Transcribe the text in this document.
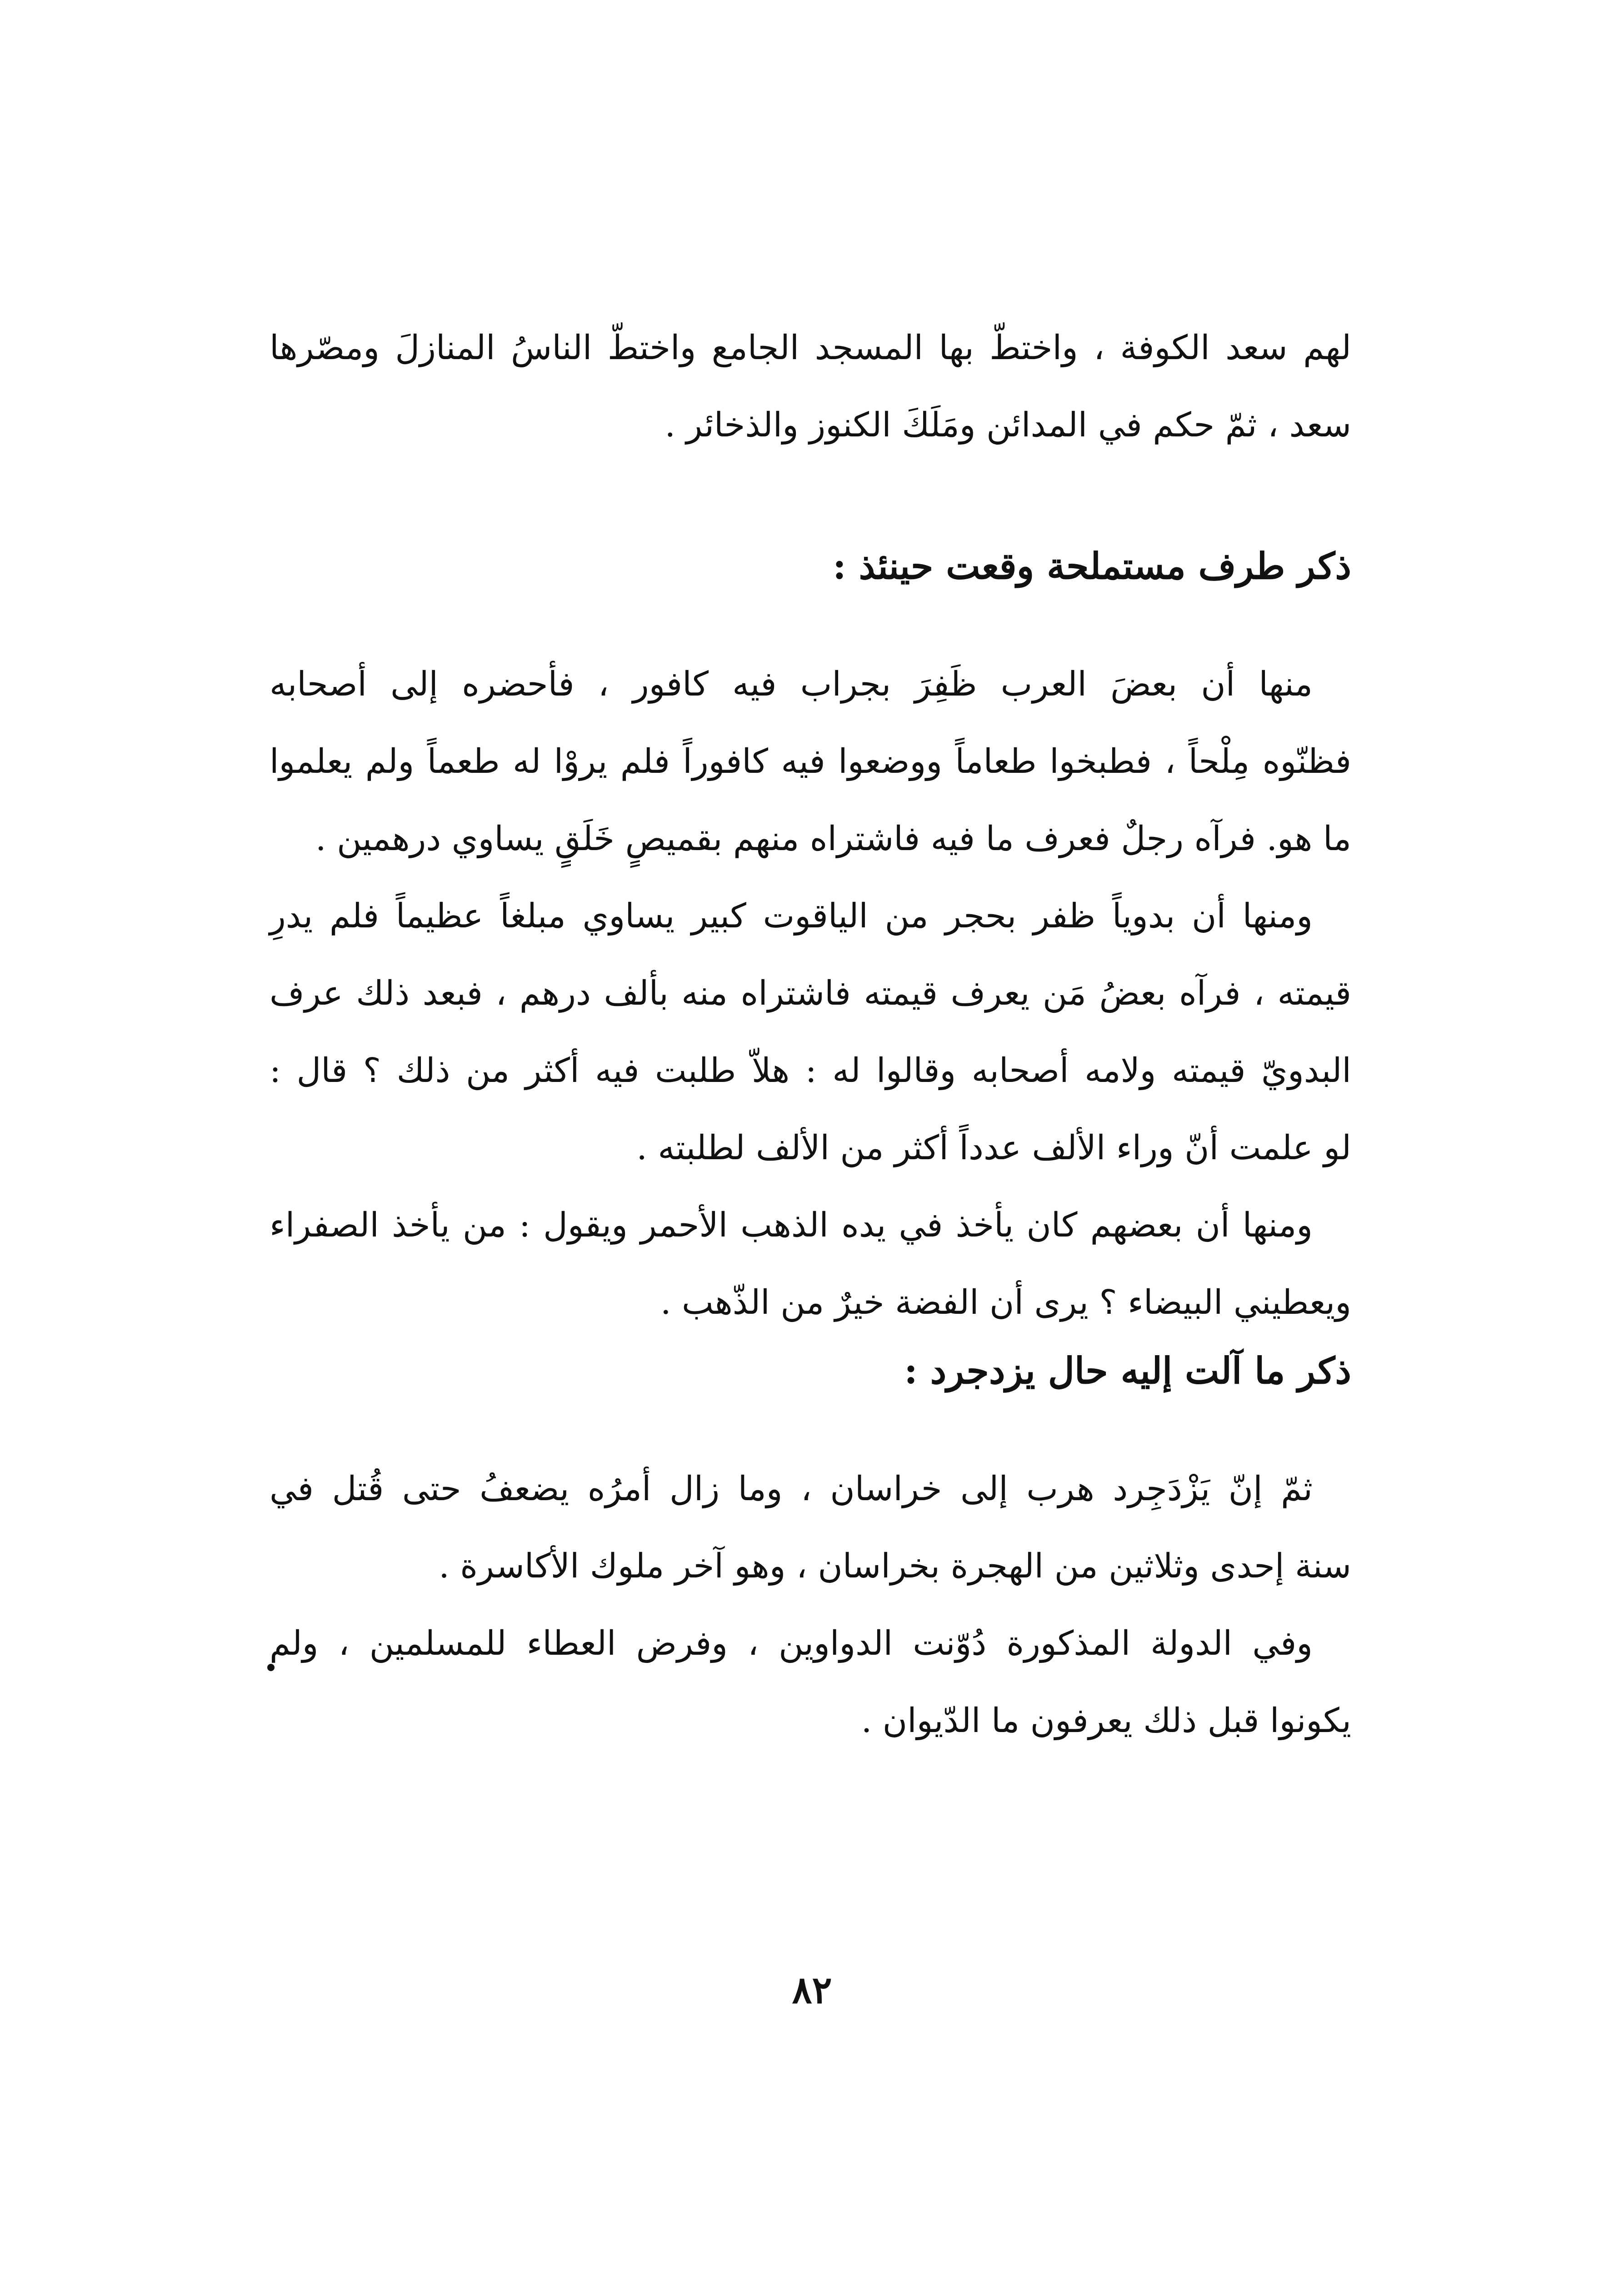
لهم سعد الكوفة ، واختطّ بها المسجد الجامع واختطّ الناسُ المنازلَ ومصّرها
سعد ، ثمّ حكم في المدائن ومَلَكَ الكنوز والذخائر .
ذكر طرف مستملحة وقعت حينئذ :
منها أن بعضَ العرب ظَفِرَ بجراب فيه كافور ، فأحضره إلى أصحابه
فظنّوه مِلْحاً ، فطبخوا طعاماً ووضعوا فيه كافوراً فلم يروْا له طعماً ولم يعلموا
ما هو. فرآه رجلٌ فعرف ما فيه فاشتراه منهم بقميصٍ خَلَقٍ يساوي درهمين .
ومنها أن بدوياً ظفر بحجر من الياقوت كبير يساوي مبلغاً عظيماً فلم يدرِ
قيمته ، فرآه بعضُ مَن يعرف قيمته فاشتراه منه بألف درهم ، فبعد ذلك عرف
البدويّ قيمته ولامه أصحابه وقالوا له : هلاّ طلبت فيه أكثر من ذلك ؟ قال :
لو علمت أنّ وراء الألف عدداً أكثر من الألف لطلبته .
ومنها أن بعضهم كان يأخذ في يده الذهب الأحمر ويقول : من يأخذ الصفراء
ويعطيني البيضاء ؟ يرى أن الفضة خيرٌ من الذّهب .
ذكر ما آلت إليه حال يزدجرد :
ثمّ إنّ يَزْدَجِرد هرب إلى خراسان ، وما زال أمرُه يضعفُ حتى قُتل في
سنة إحدى وثلاثين من الهجرة بخراسان ، وهو آخر ملوك الأكاسرة .
وفي الدولة المذكورة دُوّنت الدواوين ، وفرض العطاء للمسلمين ، ولم
يكونوا قبل ذلك يعرفون ما الدّيوان .
٨٢
